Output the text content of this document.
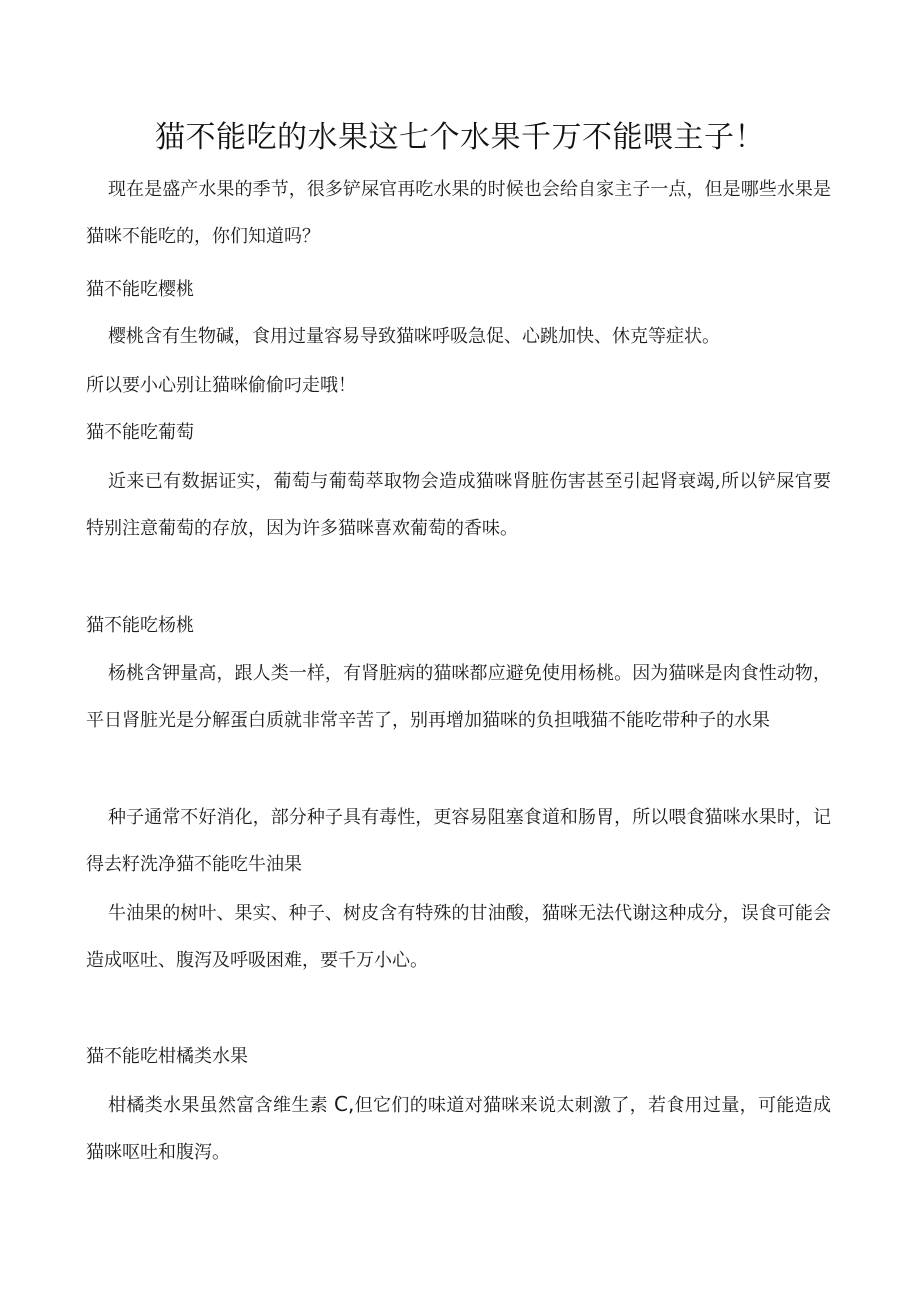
猫不能吃的水果这七个水果千万不能喂主子！

现在是盛产水果的季节，很多铲屎官再吃水果的时候也会给自家主子一点，但是哪些水果是猫咪不能吃的，你们知道吗？

猫不能吃樱桃

樱桃含有生物碱，食用过量容易导致猫咪呼吸急促、心跳加快、休克等症状。

所以要小心别让猫咪偷偷叼走哦！

猫不能吃葡萄

近来已有数据证实，葡萄与葡萄萃取物会造成猫咪肾脏伤害甚至引起肾衰竭,所以铲屎官要特别注意葡萄的存放，因为许多猫咪喜欢葡萄的香味。

猫不能吃杨桃

杨桃含钾量高，跟人类一样，有肾脏病的猫咪都应避免使用杨桃。因为猫咪是肉食性动物，平日肾脏光是分解蛋白质就非常辛苦了，别再增加猫咪的负担哦猫不能吃带种子的水果

种子通常不好消化，部分种子具有毒性，更容易阻塞食道和肠胃，所以喂食猫咪水果时，记得去籽洗净猫不能吃牛油果

牛油果的树叶、果实、种子、树皮含有特殊的甘油酸，猫咪无法代谢这种成分，误食可能会造成呕吐、腹泻及呼吸困难，要千万小心。

猫不能吃柑橘类水果

柑橘类水果虽然富含维生素 C,但它们的味道对猫咪来说太刺激了，若食用过量，可能造成猫咪呕吐和腹泻。
